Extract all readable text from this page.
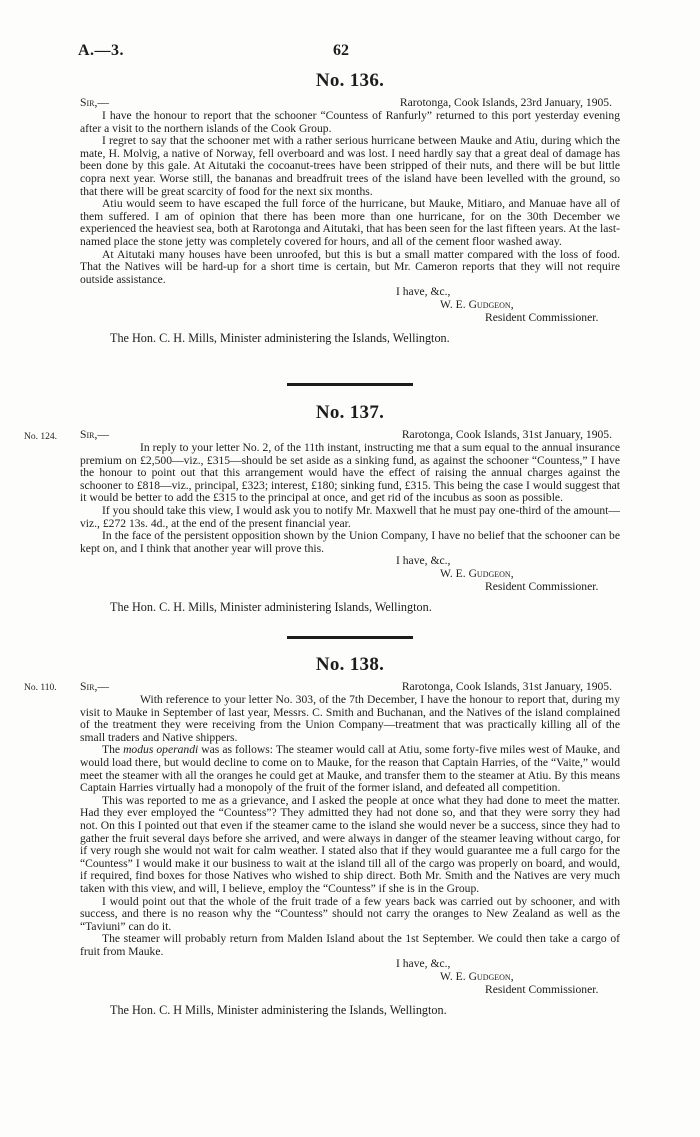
A.—3.	62
No. 136.
Sir,—	Rarotonga, Cook Islands, 23rd January, 1905.

I have the honour to report that the schooner “Countess of Ranfurly” returned to this port yesterday evening after a visit to the northern islands of the Cook Group.

I regret to say that the schooner met with a rather serious hurricane between Mauke and Atiu, during which the mate, H. Molvig, a native of Norway, fell overboard and was lost. I need hardly say that a great deal of damage has been done by this gale. At Aitutaki the cocoanut-trees have been stripped of their nuts, and there will be but little copra next year. Worse still, the bananas and breadfruit trees of the island have been levelled with the ground, so that there will be great scarcity of food for the next six months.

Atiu would seem to have escaped the full force of the hurricane, but Mauke, Mitiaro, and Manuae have all of them suffered. I am of opinion that there has been more than one hurricane, for on the 30th December we experienced the heaviest sea, both at Rarotonga and Aitutaki, that has been seen for the last fifteen years. At the last-named place the stone jetty was completely covered for hours, and all of the cement floor washed away.

At Aitutaki many houses have been unroofed, but this is but a small matter compared with the loss of food. That the Natives will be hard-up for a short time is certain, but Mr. Cameron reports that they will not require outside assistance.

I have, &c.,
W. E. Gudgeon,
Resident Commissioner.
The Hon. C. H. Mills, Minister administering the Islands, Wellington.
No. 124.
No. 137.
Sir,—	Rarotonga, Cook Islands, 31st January, 1905.

In reply to your letter No. 2, of the 11th instant, instructing me that a sum equal to the annual insurance premium on £2,500—viz., £315—should be set aside as a sinking fund, as against the schooner “Countess,” I have the honour to point out that this arrangement would have the effect of raising the annual charges against the schooner to £818—viz., principal, £323; interest, £180; sinking fund, £315. This being the case I would suggest that it would be better to add the £315 to the principal at once, and get rid of the incubus as soon as possible.

If you should take this view, I would ask you to notify Mr. Maxwell that he must pay one-third of the amount—viz., £272 13s. 4d., at the end of the present financial year.

In the face of the persistent opposition shown by the Union Company, I have no belief that the schooner can be kept on, and I think that another year will prove this.

I have, &c.,
W. E. Gudgeon,
Resident Commissioner.
The Hon. C. H. Mills, Minister administering Islands, Wellington.
No. 110.
No. 138.
Sir,—	Rarotonga, Cook Islands, 31st January, 1905.

With reference to your letter No. 303, of the 7th December, I have the honour to report that, during my visit to Mauke in September of last year, Messrs. C. Smith and Buchanan, and the Natives of the island complained of the treatment they were receiving from the Union Company—treatment that was practically killing all of the small traders and Native shippers.

The modus operandi was as follows: The steamer would call at Atiu, some forty-five miles west of Mauke, and would load there, but would decline to come on to Mauke, for the reason that Captain Harries, of the “Vaite,” would meet the steamer with all the oranges he could get at Mauke, and transfer them to the steamer at Atiu. By this means Captain Harries virtually had a monopoly of the fruit of the former island, and defeated all competition.

This was reported to me as a grievance, and I asked the people at once what they had done to meet the matter. Had they ever employed the “Countess”? They admitted they had not done so, and that they were sorry they had not. On this I pointed out that even if the steamer came to the island she would never be a success, since they had to gather the fruit several days before she arrived, and were always in danger of the steamer leaving without cargo, for if very rough she would not wait for calm weather. I stated also that if they would guarantee me a full cargo for the “Countess” I would make it our business to wait at the island till all of the cargo was properly on board, and would, if required, find boxes for those Natives who wished to ship direct. Both Mr. Smith and the Natives are very much taken with this view, and will, I believe, employ the “Countess” if she is in the Group.

I would point out that the whole of the fruit trade of a few years back was carried out by schooner, and with success, and there is no reason why the “Countess” should not carry the oranges to New Zealand as well as the “Taviuni” can do it.

The steamer will probably return from Malden Island about the 1st September. We could then take a cargo of fruit from Mauke.

I have, &c.,
W. E. Gudgeon,
Resident Commissioner.
The Hon. C. H Mills, Minister administering the Islands, Wellington.
